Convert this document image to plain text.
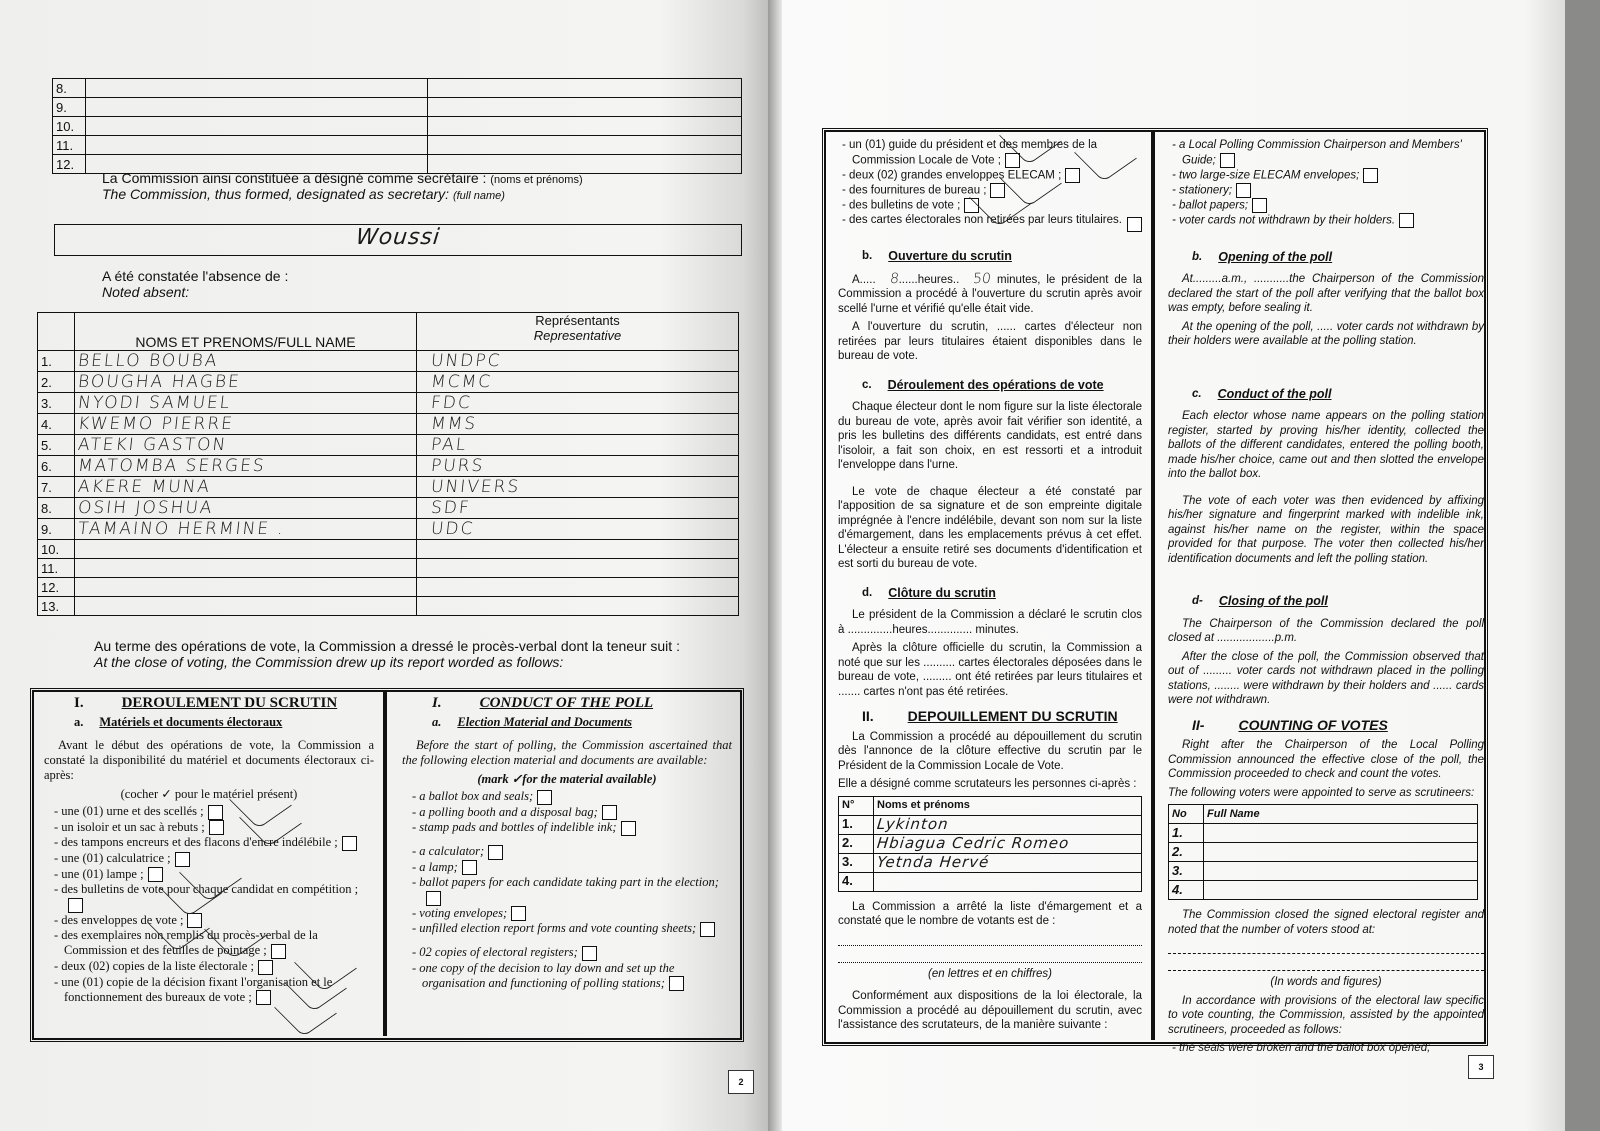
8.		
9.		
10.		
11.		
12.		
La Commission ainsi constituée a désigné comme secrétaire : (noms et prénoms)
The Commission, thus formed, designated as secretary: (full name)
Woussi
A été constatée l'absence de :
Noted absent:
	NOMS ET PRENOMS/FULL NAME	Représentants
Representative

1.	BELLO BOUBA	UNDPC
2.	BOUGHA HAGBE	MCMC
3.	NYODI SAMUEL	FDC
4.	KWEMO PIERRE	MMS
5.	ATEKI GASTON	PAL
6.	MATOMBA SERGES	PURS
7.	AKERE MUNA	UNIVERS
8.	OSIH JOSHUA	SDF
9.	TAMAINO HERMINE .	UDC
10.		
11.		
12.		
13.		
Au terme des opérations de vote, la Commission a dressé le procès-verbal dont la teneur suit :
At the close of voting, the Commission drew up its report worded as follows:
I.	DEROULEMENT DU SCRUTIN
a. Matériels et documents électoraux

Avant le début des opérations de vote, la Commission a constaté la disponibilité du matériel et documents électoraux ci-après:

(cocher ✓ pour le matériel présent)
- une (01) urne et des scellés ;
- un isoloir et un sac à rebuts ;
- des tampons encreurs et des flacons d'encre indélébile ;
- une (01) calculatrice ;
- une (01) lampe ;
- des bulletins de vote pour chaque candidat en compétition ;
- des enveloppes de vote ;
- des exemplaires non remplis du procès-verbal de la Commission et des feuilles de pointage ;
- deux (02) copies de la liste électorale ;
- une (01) copie de la décision fixant l'organisation et le fonctionnement des bureaux de vote ;
I.	CONDUCT OF THE POLL
a. Election Material and Documents

Before the start of polling, the Commission ascertained that the following election material and documents are available:

(mark ✓for the material available)
- a ballot box and seals;
- a polling booth and a disposal bag;
- stamp pads and bottles of indelible ink;
- a calculator;
- a lamp;
- ballot papers for each candidate taking part in the election;
- voting envelopes;
- unfilled election report forms and vote counting sheets;
- 02 copies of electoral registers;
- one copy of the decision to lay down and set up the organisation and functioning of polling stations;
2
- un (01) guide du président et des membres de la Commission Locale de Vote ;
- deux (02) grandes enveloppes ELECAM ;
- des fournitures de bureau ;
- des bulletins de vote ;
- des cartes électorales non retirées par leurs titulaires.
b. Ouverture du scrutin

A..... 8......heures.. 50 minutes, le président de la Commission a procédé à l'ouverture du scrutin après avoir scellé l'urne et vérifié qu'elle était vide.

A l'ouverture du scrutin, ...... cartes d'électeur non retirées par leurs titulaires étaient disponibles dans le bureau de vote.

c. Déroulement des opérations de vote

Chaque électeur dont le nom figure sur la liste électorale du bureau de vote, après avoir fait vérifier son identité, a pris les bulletins des différents candidats, est entré dans l'isoloir, a fait son choix, en est ressorti et a introduit l'enveloppe dans l'urne.

Le vote de chaque électeur a été constaté par l'apposition de sa signature et de son empreinte digitale imprégnée à l'encre indélébile, devant son nom sur la liste d'émargement, dans les emplacements prévus à cet effet. L'électeur a ensuite retiré ses documents d'identification et est sorti du bureau de vote.

d. Clôture du scrutin

Le président de la Commission a déclaré le scrutin clos à ..............heures.............. minutes.

Après la clôture officielle du scrutin, la Commission a noté que sur les .......... cartes électorales déposées dans le bureau de vote, ......... ont été retirées par leurs titulaires et ....... cartes n'ont pas été retirées.

II. DEPOUILLEMENT DU SCRUTIN

La Commission a procédé au dépouillement du scrutin dès l'annonce de la clôture effective du scrutin par le Président de la Commission Locale de Vote.

Elle a désigné comme scrutateurs les personnes ci-après :
N°	Noms et prénoms
1.	Lykinton
2.	Hbiagua Cedric Romeo
3.	Yetnda Hervé
4.	

La Commission a arrêté la liste d'émargement et a constaté que le nombre de votants est de :

(en lettres et en chiffres)

Conformément aux dispositions de la loi électorale, la Commission a procédé au dépouillement du scrutin, avec l'assistance des scrutateurs, de la manière suivante :

- a Local Polling Commission Chairperson and Members' Guide;
- two large-size ELECAM envelopes;
- stationery;
- ballot papers;
- voter cards not withdrawn by their holders.
b. Opening of the poll

At.........a.m., ...........the Chairperson of the Commission declared the start of the poll after verifying that the ballot box was empty, before sealing it.

At the opening of the poll, ..... voter cards not withdrawn by their holders were available at the polling station.

c. Conduct of the poll

Each elector whose name appears on the polling station register, started by proving his/her identity, collected the ballots of the different candidates, entered the polling booth, made his/her choice, came out and then slotted the envelope into the ballot box.

The vote of each voter was then evidenced by affixing his/her signature and fingerprint marked with indelible ink, against his/her name on the register, within the space provided for that purpose. The voter then collected his/her identification documents and left the polling station.

d- Closing of the poll

The Chairperson of the Commission declared the poll closed at ..................p.m.

After the close of the poll, the Commission observed that out of ......... voter cards not withdrawn placed in the polling stations, ........ were withdrawn by their holders and ...... cards were not withdrawn.

II- COUNTING OF VOTES

Right after the Chairperson of the Local Polling Commission announced the effective close of the poll, the Commission proceeded to check and count the votes.

The following voters were appointed to serve as scrutineers:
No	Full Name
1.	
2.	
3.	
4.	

The Commission closed the signed electoral register and noted that the number of voters stood at:

(In words and figures)

In accordance with provisions of the electoral law specific to vote counting, the Commission, assisted by the appointed scrutineers, proceeded as follows:

- the seals were broken and the ballot box opened;
3
